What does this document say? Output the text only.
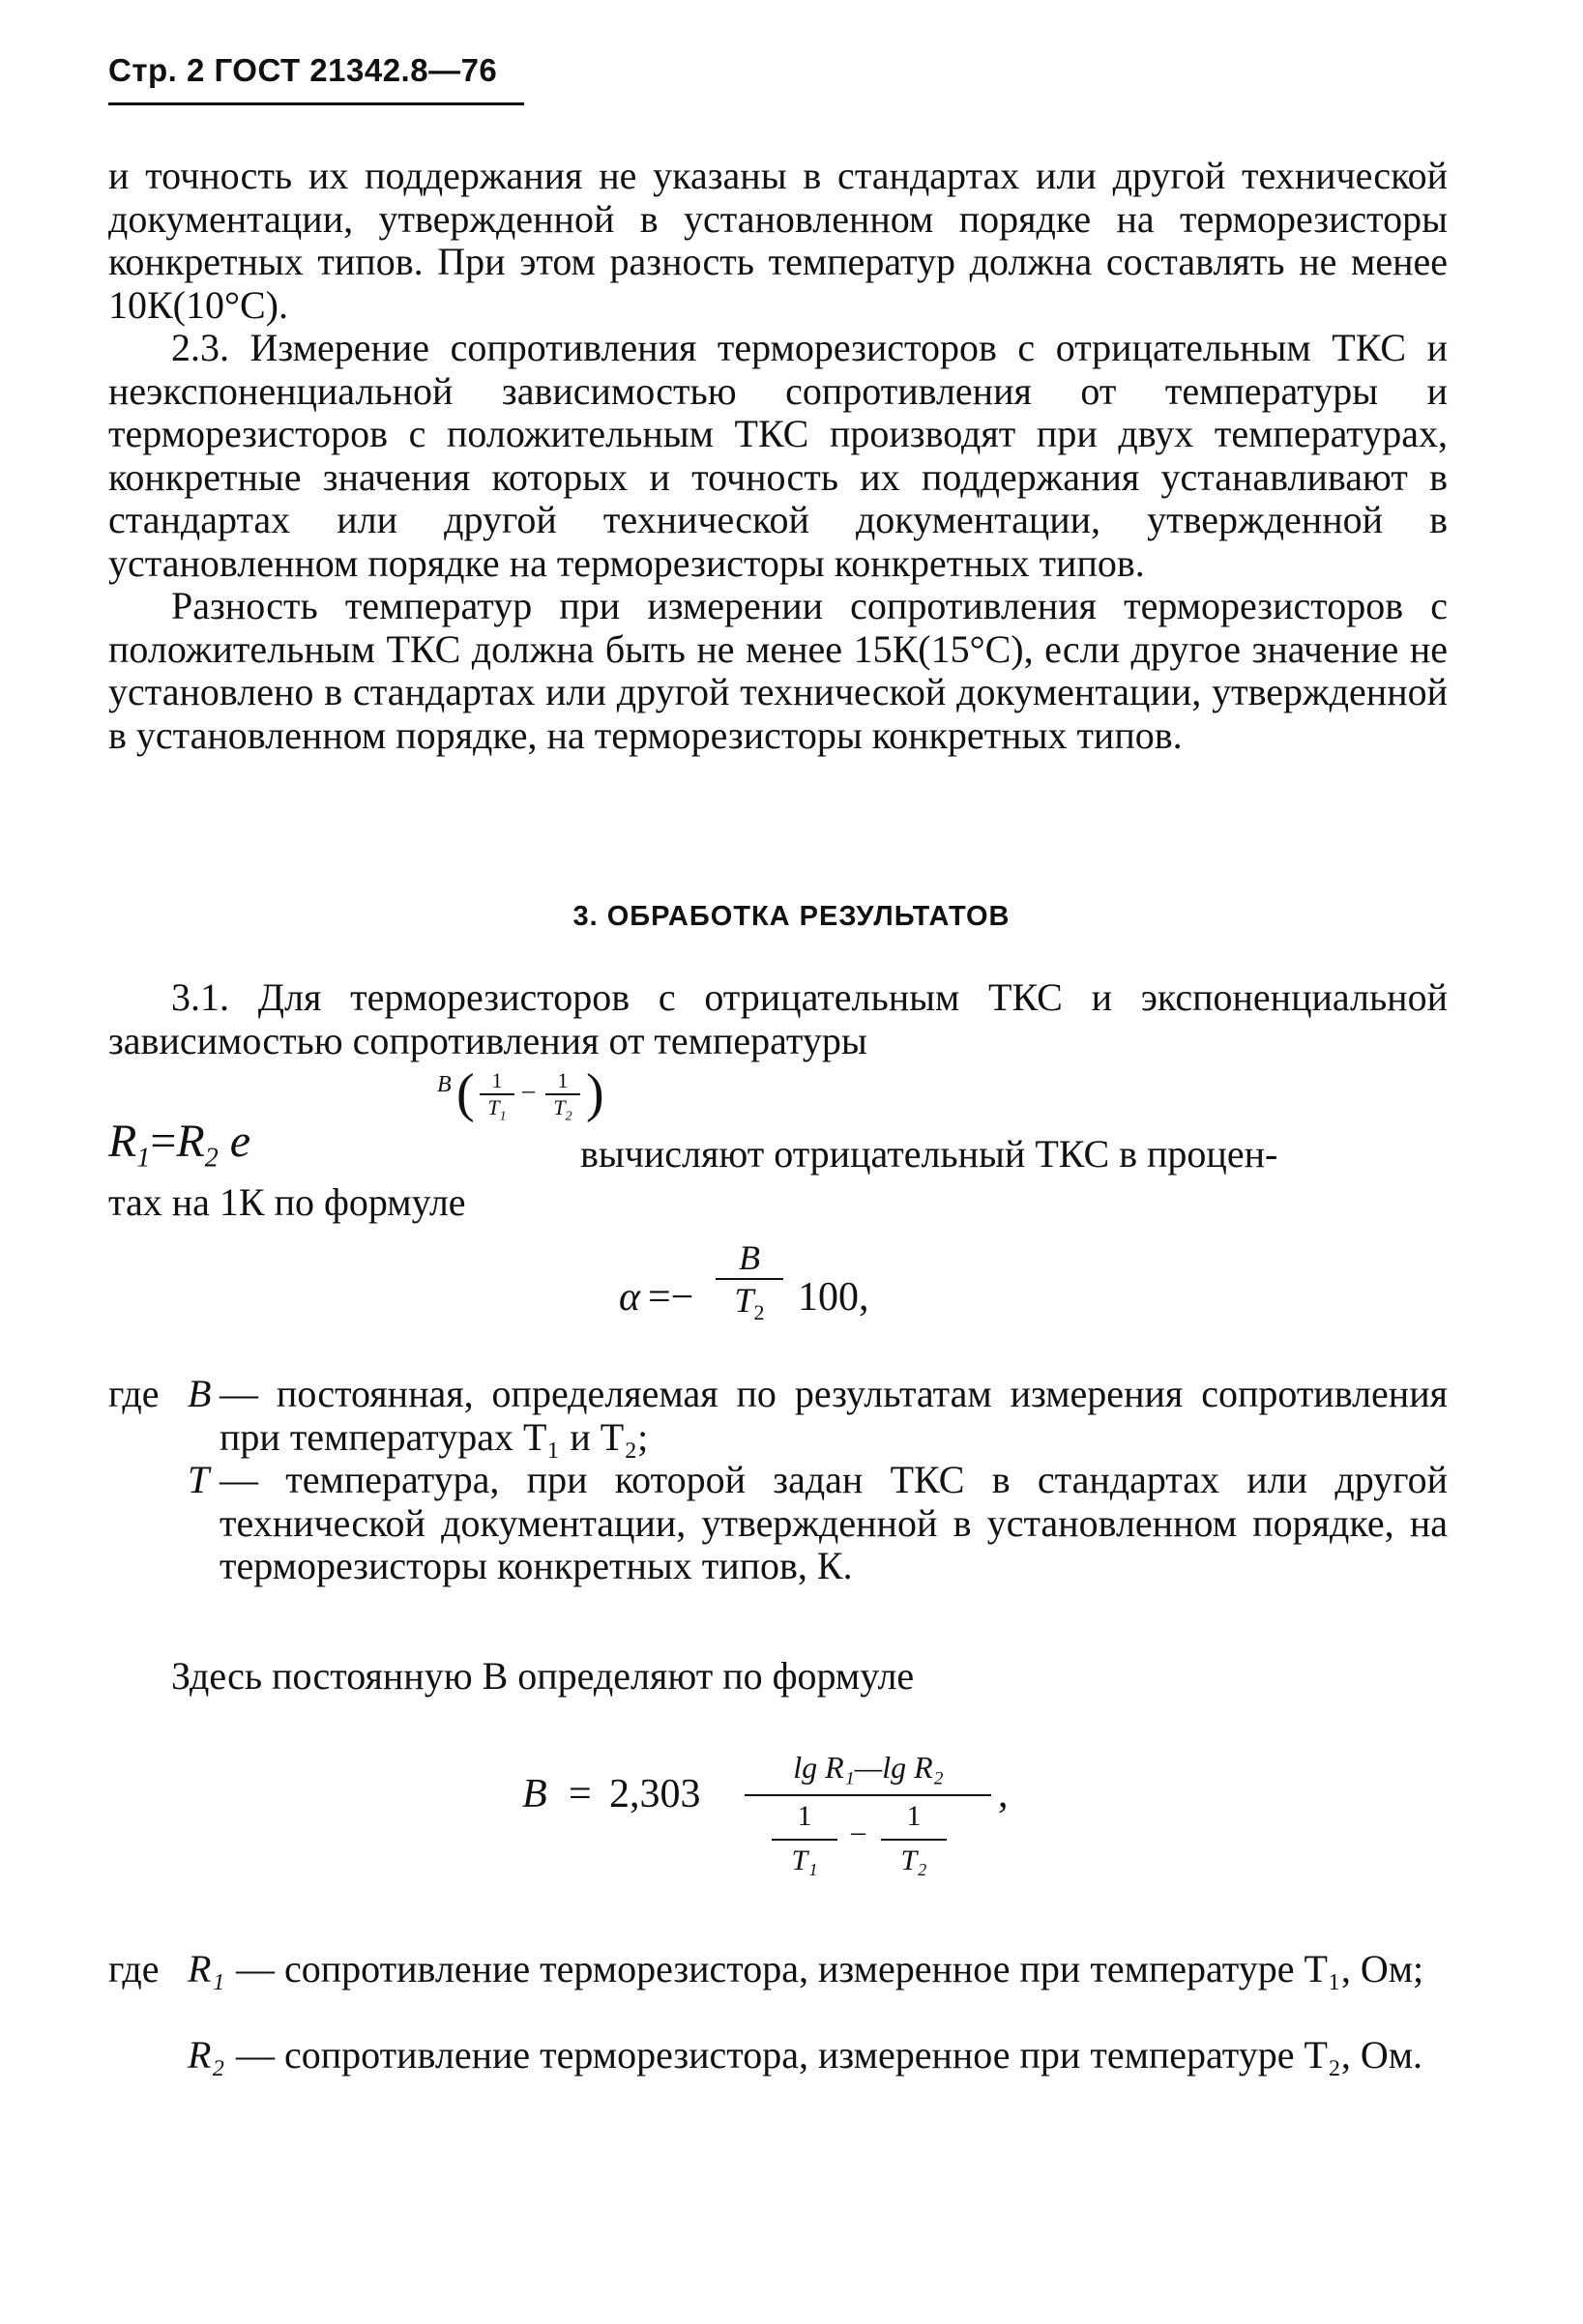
Стр. 2 ГОСТ 21342.8—76

и точность их поддержания не указаны в стандартах или другой технической документации, утвержденной в установленном порядке на терморезисторы конкретных типов. При этом разность температур должна составлять не менее 10К(10°С).

2.3. Измерение сопротивления терморезисторов с отрицательным ТКС и неэкспоненциальной зависимостью сопротивления от температуры и терморезисторов с положительным ТКС производят при двух температурах, конкретные значения которых и точность их поддержания устанавливают в стандартах или другой технической документации, утвержденной в установленном порядке на терморезисторы конкретных типов.

Разность температур при измерении сопротивления терморезисторов с положительным ТКС должна быть не менее 15К(15°С), если другое значение не установлено в стандартах или другой технической документации, утвержденной в установленном порядке, на терморезисторы конкретных типов.

3. ОБРАБОТКА РЕЗУЛЬТАТОВ

3.1. Для терморезисторов с отрицательным ТКС и экспоненциальной зависимостью сопротивления от температуры

$R_1=R_2$ e
B ( 1
$T_1$
–	1
$T_2$ )
вычисляют отрицательный ТКС в процен-
тах на 1К по формуле
α =−
B
$T_2$ 100,
где B — постоянная, определяемая по результатам измерения сопротивления при температурах T₁ и T₂;
T — температура, при которой задан ТКС в стандартах или другой технической документации, утвержденной в установленном порядке, на терморезисторы конкретных типов, К.
Здесь постоянную B определяют по формуле
B = 2,303
lg R₁—lg R₂
1
T₁
–	1
T₂
,
где R₁ — сопротивление терморезистора, измеренное при температуре T₁, Ом;
R₂ — сопротивление терморезистора, измеренное при температуре T₂, Ом.
